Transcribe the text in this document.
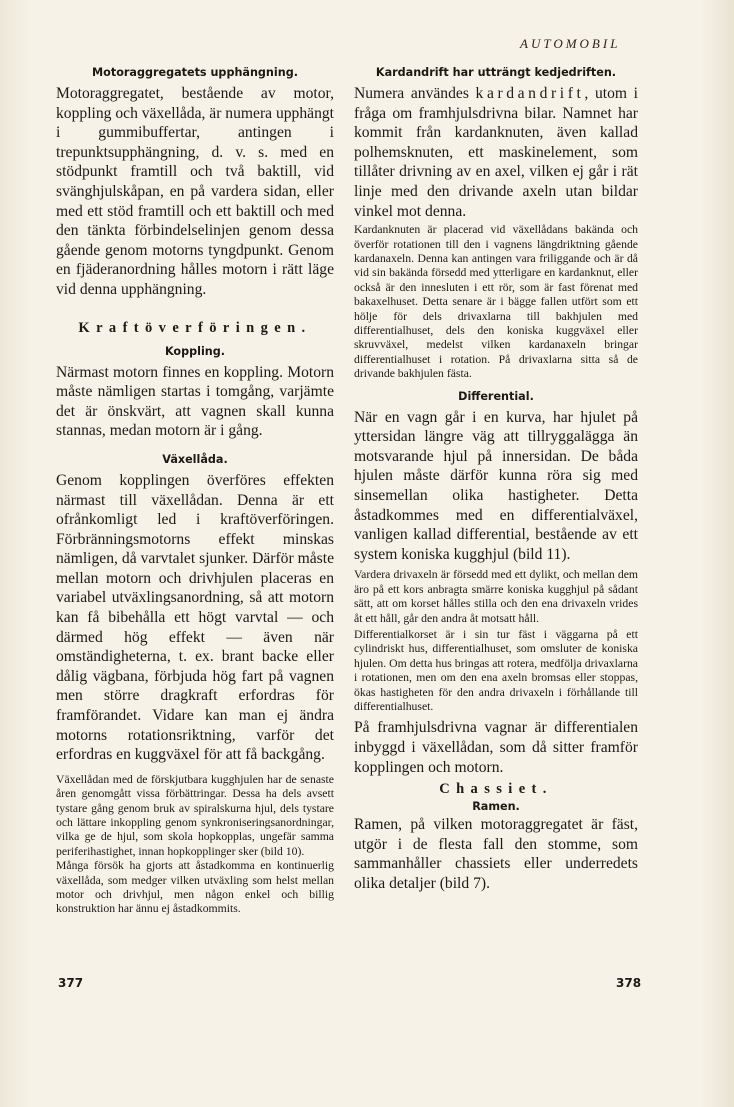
AUTOMOBIL
Motoraggregatets upphängning.

Motoraggregatet, bestående av motor, koppling och växellåda, är numera upphängt i gummibuffertar, antingen i trepunktsupphängning, d. v. s. med en stödpunkt framtill och två baktill, vid svänghjulskåpan, en på vardera sidan, eller med ett stöd framtill och ett baktill och med den tänkta förbindelselinjen genom dessa gående genom motorns tyngdpunkt. Genom en fjäderanordning hålles motorn i rätt läge vid denna upphängning.

Kraftöverföringen.
Koppling.

Närmast motorn finnes en koppling. Motorn måste nämligen startas i tomgång, varjämte det är önskvärt, att vagnen skall kunna stannas, medan motorn är i gång.

Växellåda.

Genom kopplingen överföres effekten närmast till växellådan. Denna är ett ofrånkomligt led i kraftöverföringen. Förbränningsmotorns effekt minskas nämligen, då varvtalet sjunker. Därför måste mellan motorn och drivhjulen placeras en variabel utväxlingsanordning, så att motorn kan få bibehålla ett högt varvtal — och därmed hög effekt — även när omständigheterna, t. ex. brant backe eller dålig vägbana, förbjuda hög fart på vagnen men större dragkraft erfordras för framförandet. Vidare kan man ej ändra motorns rotationsriktning, varför det erfordras en kuggväxel för att få backgång.

Växellådan med de förskjutbara kugghjulen har de senaste åren genomgått vissa förbättringar. Dessa ha dels avsett tystare gång genom bruk av spiralskurna hjul, dels tystare och lättare inkoppling genom synkroniseringsanordningar, vilka ge de hjul, som skola hopkopplas, ungefär samma periferihastighet, innan hopkopplinger sker (bild 10).

Många försök ha gjorts att åstadkomma en kontinuerlig växellåda, som medger vilken utväxling som helst mellan motor och drivhjul, men någon enkel och billig konstruktion har ännu ej åstadkommits.

377
Kardandrift har utträngt kedjedriften.

Numera användes kardandrift, utom i fråga om framhjulsdrivna bilar. Namnet har kommit från kardanknuten, även kallad polhemsknuten, ett maskinelement, som tillåter drivning av en axel, vilken ej går i rät linje med den drivande axeln utan bildar vinkel mot denna.

Kardanknuten är placerad vid växellådans bakända och överför rotationen till den i vagnens längdriktning gående kardanaxeln. Denna kan antingen vara friliggande och är då vid sin bakända försedd med ytterligare en kardanknut, eller också är den innesluten i ett rör, som är fast förenat med bakaxelhuset. Detta senare är i bägge fallen utfört som ett hölje för dels drivaxlarna till bakhjulen med differentialhuset, dels den koniska kuggväxel eller skruvväxel, medelst vilken kardanaxeln bringar differentialhuset i rotation. På drivaxlarna sitta så de drivande bakhjulen fästa.

Differential.

När en vagn går i en kurva, har hjulet på yttersidan längre väg att tillryggalägga än motsvarande hjul på innersidan. De båda hjulen måste därför kunna röra sig med sinsemellan olika hastigheter. Detta åstadkommes med en differentialväxel, vanligen kallad differential, bestående av ett system koniska kugghjul (bild 11).

Vardera drivaxeln är försedd med ett dylikt, och mellan dem äro på ett kors anbragta smärre koniska kugghjul på sådant sätt, att om korset hålles stilla och den ena drivaxeln vrides åt ett håll, går den andra åt motsatt håll.

Differentialkorset är i sin tur fäst i väggarna på ett cylindriskt hus, differentialhuset, som omsluter de koniska hjulen. Om detta hus bringas att rotera, medfölja drivaxlarna i rotationen, men om den ena axeln bromsas eller stoppas, ökas hastigheten för den andra drivaxeln i förhållande till differentialhuset.

På framhjulsdrivna vagnar är differentialen inbyggd i växellådan, som då sitter framför kopplingen och motorn.

Chassiet.
Ramen.

Ramen, på vilken motoraggregatet är fäst, utgör i de flesta fall den stomme, som sammanhåller chassiets eller underredets olika detaljer (bild 7).

378
